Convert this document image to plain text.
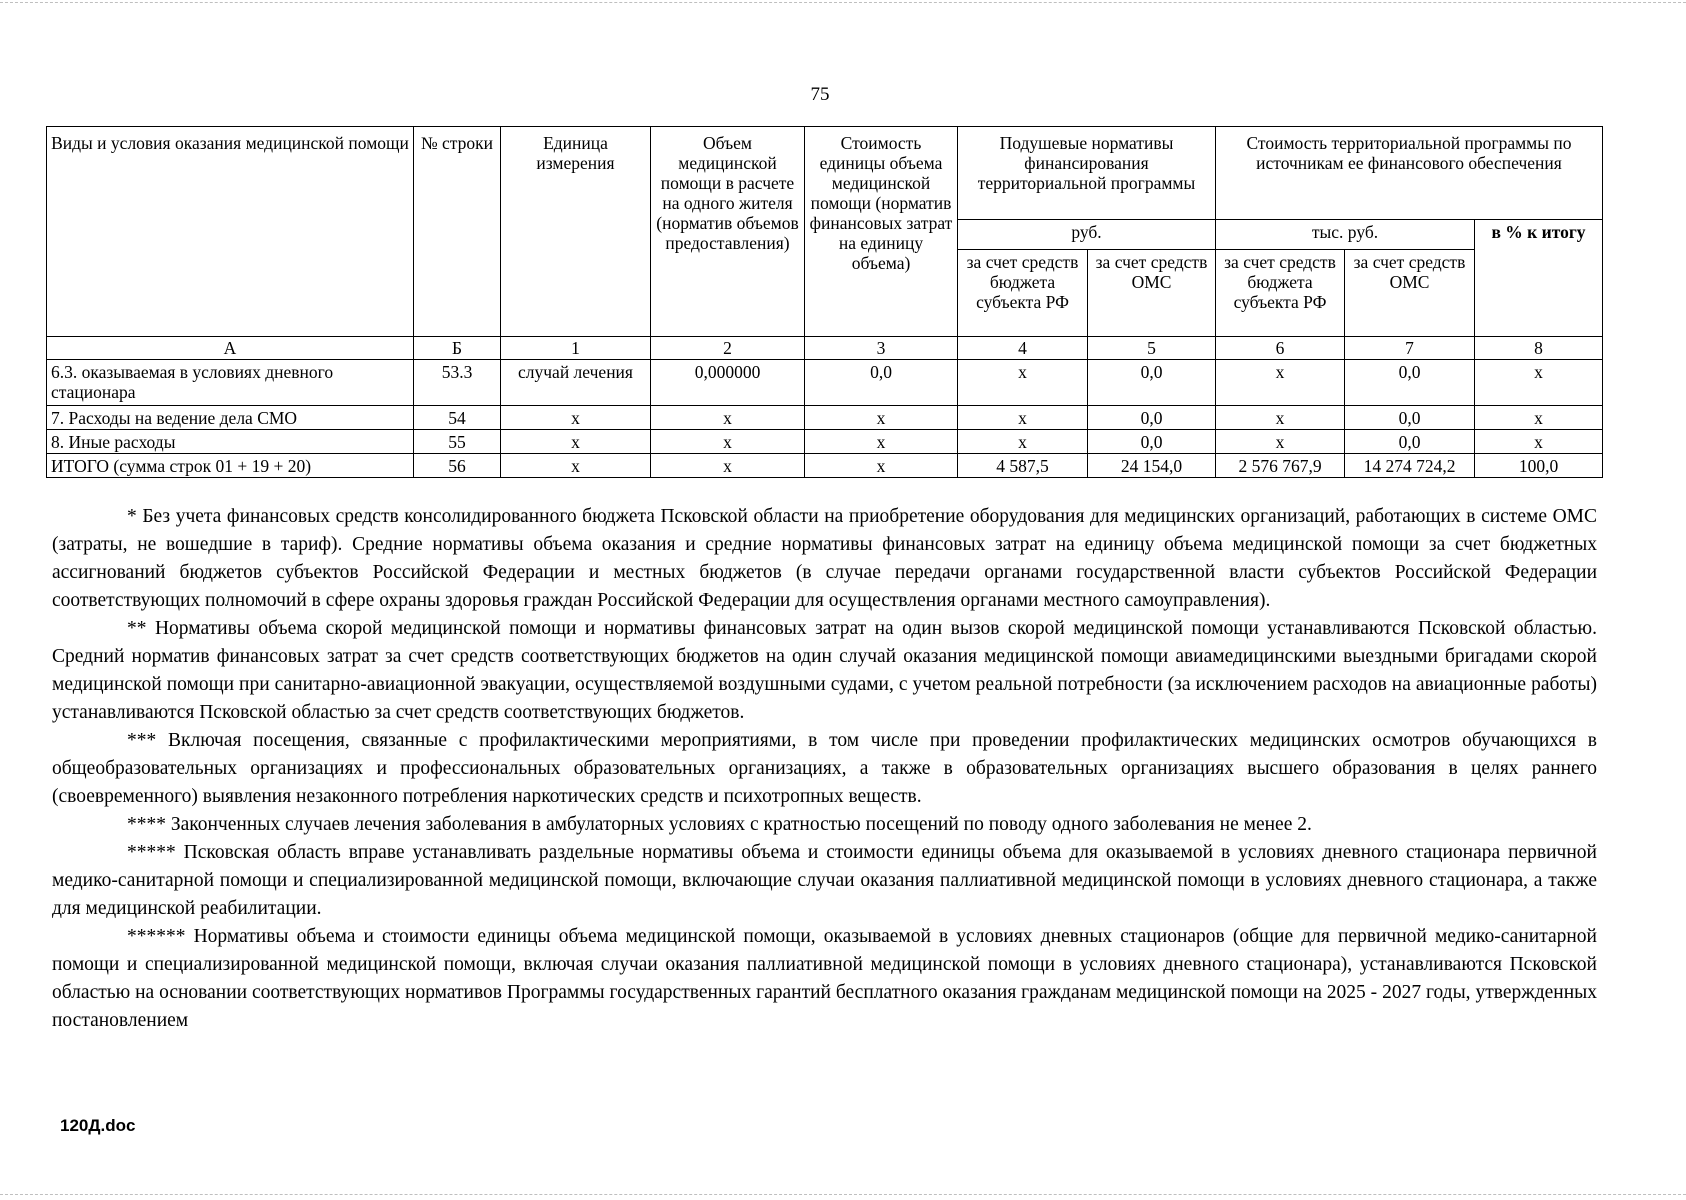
75
Виды и условия оказания медицинской помощи	№ строки	Единица измерения	Объем медицинской помощи в расчете на одного жителя (норматив объемов предоставления)	Стоимость единицы объема медицинской помощи (норматив финансовых затрат на единицу объема)	Подушевые нормативы финансирования территориальной программы		Стоимость территориальной программы по источникам ее финансового обеспечения		
					руб.		тыс. руб.		в % к итогу
					за счет средств бюджета субъекта РФ	за счет средств ОМС	за счет средств бюджета субъекта РФ	за счет средств ОМС	
А	Б	1	2	3	4	5	6	7	8
6.3. оказываемая в условиях дневного стационара	53.3	случай лечения	0,000000	0,0	х	0,0	х	0,0	х
7. Расходы на ведение дела СМО	54	х	х	х	х	0,0	х	0,0	х
8. Иные расходы	55	х	х	х	х	0,0	х	0,0	х
ИТОГО (сумма строк 01 + 19 + 20)	56	х	х	х	4 587,5	24 154,0	2 576 767,9	14 274 724,2	100,0

* Без учета финансовых средств консолидированного бюджета Псковской области на приобретение оборудования для медицинских организаций, работающих в системе ОМС (затраты, не вошедшие в тариф). Средние нормативы объема оказания и средние нормативы финансовых затрат на единицу объема медицинской помощи за счет бюджетных ассигнований бюджетов субъектов Российской Федерации и местных бюджетов (в случае передачи органами государственной власти субъектов Российской Федерации соответствующих полномочий в сфере охраны здоровья граждан Российской Федерации для осуществления органами местного самоуправления).

** Нормативы объема скорой медицинской помощи и нормативы финансовых затрат на один вызов скорой медицинской помощи устанавливаются Псковской областью. Средний норматив финансовых затрат за счет средств соответствующих бюджетов на один случай оказания медицинской помощи авиамедицинскими выездными бригадами скорой медицинской помощи при санитарно-авиационной эвакуации, осуществляемой воздушными судами, с учетом реальной потребности (за исключением расходов на авиационные работы) устанавливаются Псковской областью за счет средств соответствующих бюджетов.

*** Включая посещения, связанные с профилактическими мероприятиями, в том числе при проведении профилактических медицинских осмотров обучающихся в общеобразовательных организациях и профессиональных образовательных организациях, а также в образовательных организациях высшего образования в целях раннего (своевременного) выявления незаконного потребления наркотических средств и психотропных веществ.

**** Законченных случаев лечения заболевания в амбулаторных условиях с кратностью посещений по поводу одного заболевания не менее 2.

***** Псковская область вправе устанавливать раздельные нормативы объема и стоимости единицы объема для оказываемой в условиях дневного стационара первичной медико-санитарной помощи и специализированной медицинской помощи, включающие случаи оказания паллиативной медицинской помощи в условиях дневного стационара, а также для медицинской реабилитации.

****** Нормативы объема и стоимости единицы объема медицинской помощи, оказываемой в условиях дневных стационаров (общие для первичной медико-санитарной помощи и специализированной медицинской помощи, включая случаи оказания паллиативной медицинской помощи в условиях дневного стационара), устанавливаются Псковской областью на основании соответствующих нормативов Программы государственных гарантий бесплатного оказания гражданам медицинской помощи на 2025 - 2027 годы, утвержденных постановлением

120Д.doc
